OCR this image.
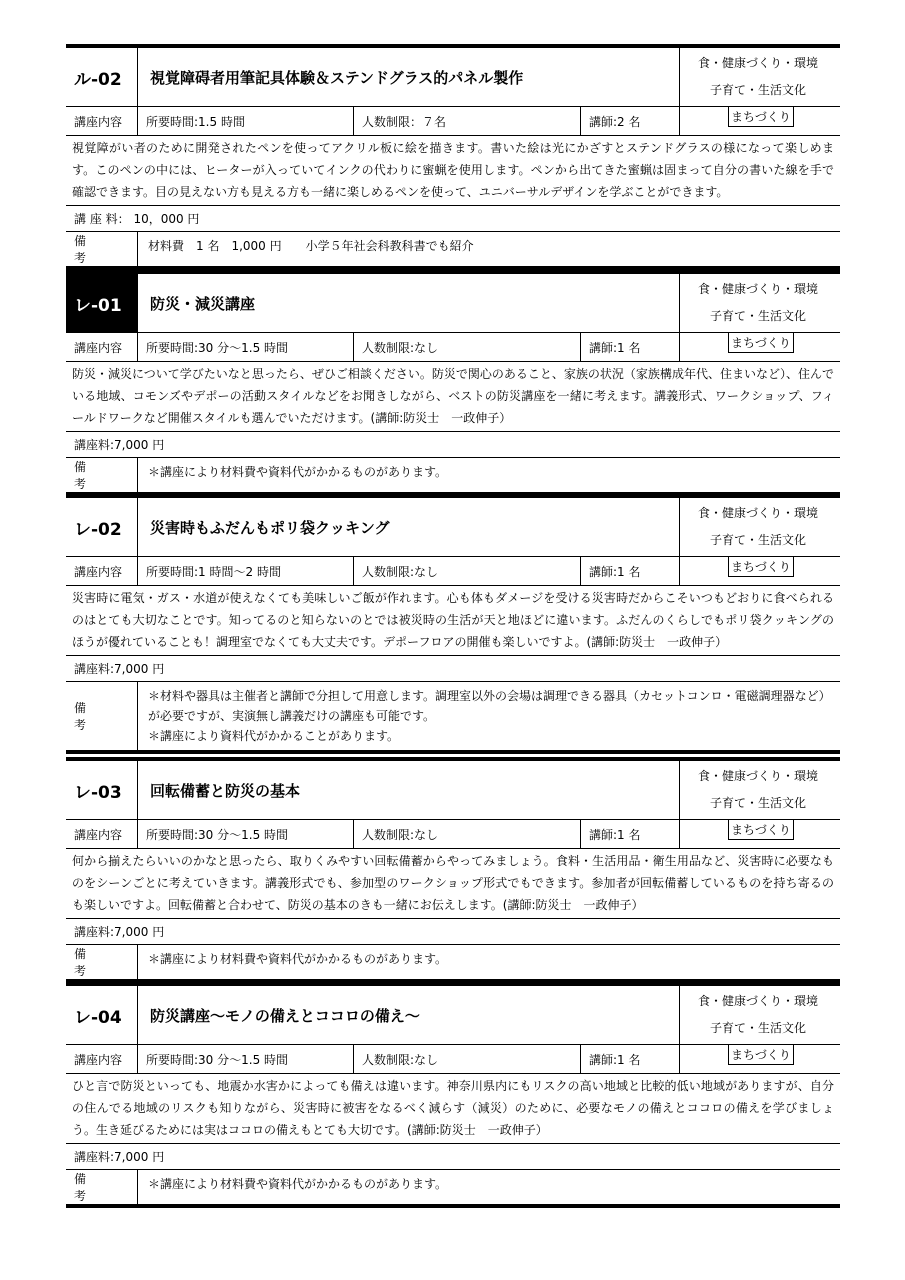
ル-02	視覚障碍者用筆記具体験＆ステンドグラス的パネル製作
食・健康づくり・環境
子育て・生活文化
講座内容	所要時間:1.5 時間	人数制限：７名	講師:2 名	まちづくり
視覚障がい者のために開発されたペンを使ってアクリル板に絵を描きます。書いた絵は光にかざすとステンドグラスの様になって楽しめます。このペンの中には、ヒーターが入っていてインクの代わりに蜜蝋を使用します。ペンから出てきた蜜蝋は固まって自分の書いた線を手で確認できます。目の見えない方も見える方も一緒に楽しめるペンを使って、ユニバーサルデザインを学ぶことができます。
講 座 料： 10，000 円
備　考
材料費　1 名　1,000 円　　小学５年社会科教科書でも紹介
レ-01	防災・減災講座
食・健康づくり・環境
子育て・生活文化
講座内容	所要時間:30 分～1.5 時間	人数制限:なし	講師:1 名	まちづくり
防災・減災について学びたいなと思ったら、ぜひご相談ください。防災で関心のあること、家族の状況（家族構成年代、住まいなど）、住んでいる地域、コモンズやデポーの活動スタイルなどをお聞きしながら、ベストの防災講座を一緒に考えます。講義形式、ワークショップ、フィールドワークなど開催スタイルも選んでいただけます。(講師:防災士　一政伸子）
講座料:7,000 円
備　考
＊講座により材料費や資料代がかかるものがあります。
レ-02	災害時もふだんもポリ袋クッキング
食・健康づくり・環境
子育て・生活文化
講座内容	所要時間:1 時間～2 時間	人数制限:なし	講師:1 名	まちづくり
災害時に電気・ガス・水道が使えなくても美味しいご飯が作れます。心も体もダメージを受ける災害時だからこそいつもどおりに食べられるのはとても大切なことです。知ってるのと知らないのとでは被災時の生活が天と地ほどに違います。ふだんのくらしでもポリ袋クッキングのほうが優れていることも！調理室でなくても大丈夫です。デポーフロアの開催も楽しいですよ。(講師:防災士　一政伸子）
講座料:7,000 円
備　考
＊材料や器具は主催者と講師で分担して用意します。調理室以外の会場は調理できる器具（カセットコンロ・電磁調理器など）が必要ですが、実演無し講義だけの講座も可能です。
＊講座により資料代がかかることがあります。
レ-03	回転備蓄と防災の基本
食・健康づくり・環境
子育て・生活文化
講座内容	所要時間:30 分～1.5 時間	人数制限:なし	講師:1 名	まちづくり
何から揃えたらいいのかなと思ったら、取りくみやすい回転備蓄からやってみましょう。食料・生活用品・衛生用品など、災害時に必要なものをシーンごとに考えていきます。講義形式でも、参加型のワークショップ形式でもできます。参加者が回転備蓄しているものを持ち寄るのも楽しいですよ。回転備蓄と合わせて、防災の基本のきも一緒にお伝えします。(講師:防災士　一政伸子）
講座料:7,000 円
備　考
＊講座により材料費や資料代がかかるものがあります。
レ-04	防災講座～モノの備えとココロの備え～
食・健康づくり・環境
子育て・生活文化
講座内容	所要時間:30 分～1.5 時間	人数制限:なし	講師:1 名	まちづくり
ひと言で防災といっても、地震か水害かによっても備えは違います。神奈川県内にもリスクの高い地域と比較的低い地域がありますが、自分の住んでる地域のリスクも知りながら、災害時に被害をなるべく減らす（減災）のために、必要なモノの備えとココロの備えを学びましょう。生き延びるためには実はココロの備えもとても大切です。(講師:防災士　一政伸子）
講座料:7,000 円
備　考
＊講座により材料費や資料代がかかるものがあります。
